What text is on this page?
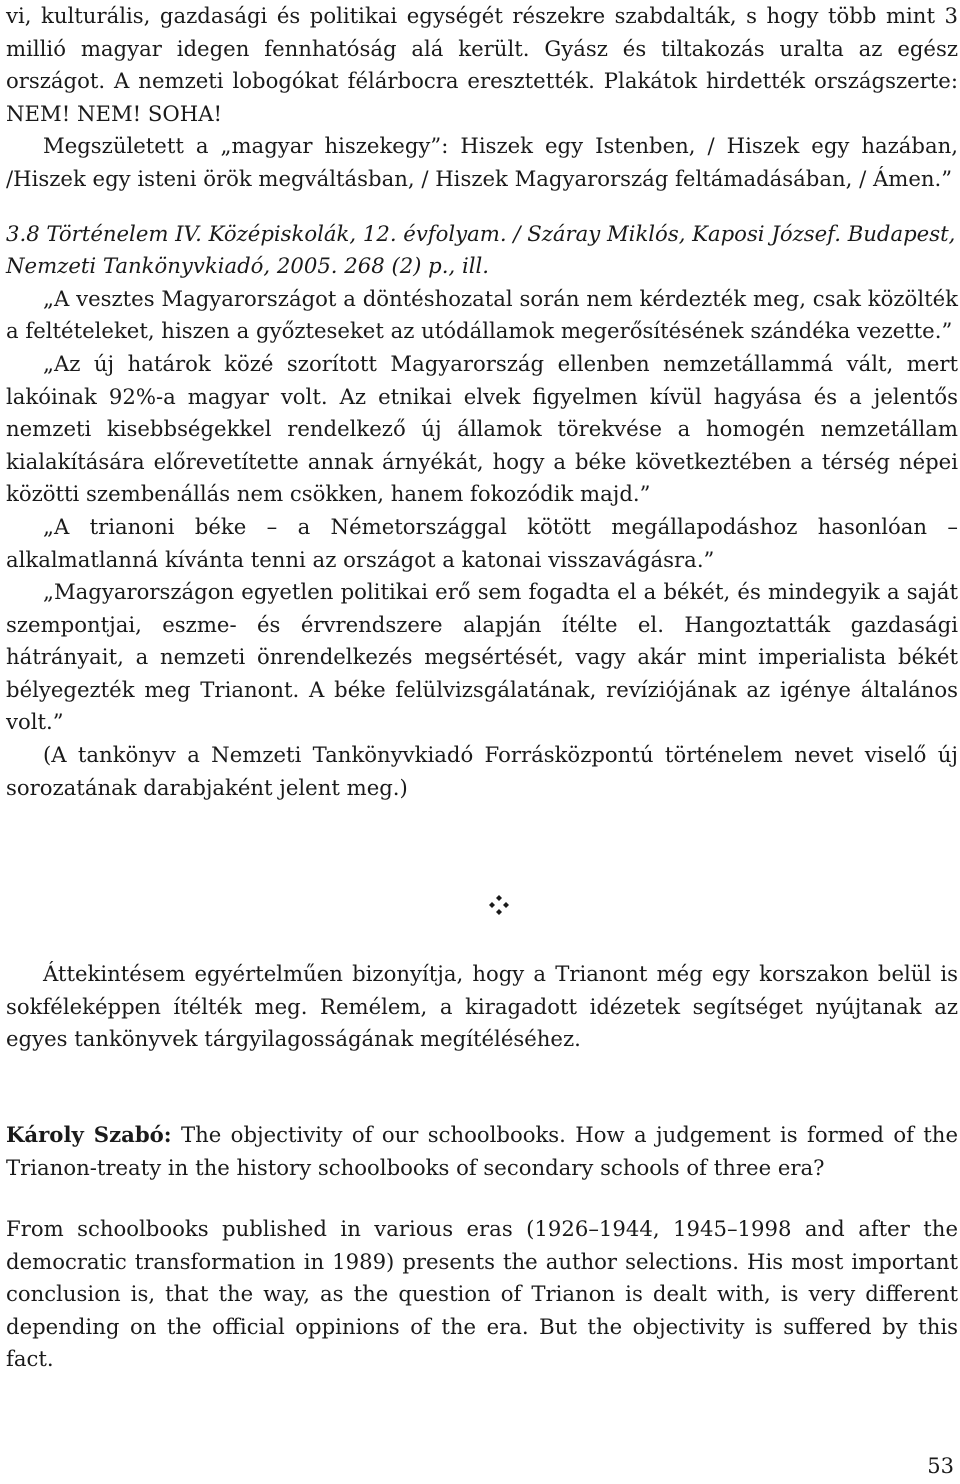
vi, kulturális, gazdasági és politikai egységét részekre szabdalták, s hogy több mint 3 millió magyar idegen fennhatóság alá került. Gyász és tiltakozás uralta az egész országot. A nemzeti lobogókat félárbocra eresztették. Plakátok hirdették országszerte: NEM! NEM! SOHA!

Megszületett a „magyar hiszekegy”: Hiszek egy Istenben, / Hiszek egy hazában, /Hiszek egy isteni örök megváltásban, / Hiszek Magyarország feltámadásában, / Ámen.”

3.8 Történelem IV. Középiskolák, 12. évfolyam. / Száray Miklós, Kaposi József. Budapest, Nemzeti Tankönyvkiadó, 2005. 268 (2) p., ill.

„A vesztes Magyarországot a döntéshozatal során nem kérdezték meg, csak közölték a feltételeket, hiszen a győzteseket az utódállamok megerősítésének szándéka vezette.”

„Az új határok közé szorított Magyarország ellenben nemzetállammá vált, mert lakóinak 92%-a magyar volt. Az etnikai elvek figyelmen kívül hagyása és a jelentős nemzeti kisebbségekkel rendelkező új államok törekvése a homogén nemzetállam kialakítására előrevetítette annak árnyékát, hogy a béke következtében a térség népei közötti szembenállás nem csökken, hanem fokozódik majd.”

„A trianoni béke – a Németországgal kötött megállapodáshoz hasonlóan – alkalmatlanná kívánta tenni az országot a katonai visszavágásra.”

„Magyarországon egyetlen politikai erő sem fogadta el a békét, és mindegyik a saját szempontjai, eszme- és érvrendszere alapján ítélte el. Hangoztatták gazdasági hátrányait, a nemzeti önrendelkezés megsértését, vagy akár mint imperialista békét bélyegezték meg Trianont. A béke felülvizsgálatának, revíziójának az igénye általános volt.”

(A tankönyv a Nemzeti Tankönyvkiadó Forrásközpontú történelem nevet viselő új sorozatának darabjaként jelent meg.)

Áttekintésem egyértelműen bizonyítja, hogy a Trianont még egy korszakon belül is sokféleképpen ítélték meg. Remélem, a kiragadott idézetek segítséget nyújtanak az egyes tankönyvek tárgyilagosságának megítéléséhez.

Károly Szabó: The objectivity of our schoolbooks. How a judgement is formed of the Trianon-treaty in the history schoolbooks of secondary schools of three era?

From schoolbooks published in various eras (1926–1944, 1945–1998 and after the democratic transformation in 1989) presents the author selections. His most important conclusion is, that the way, as the question of Trianon is dealt with, is very different depending on the official oppinions of the era. But the objectivity is suffered by this fact.

53
